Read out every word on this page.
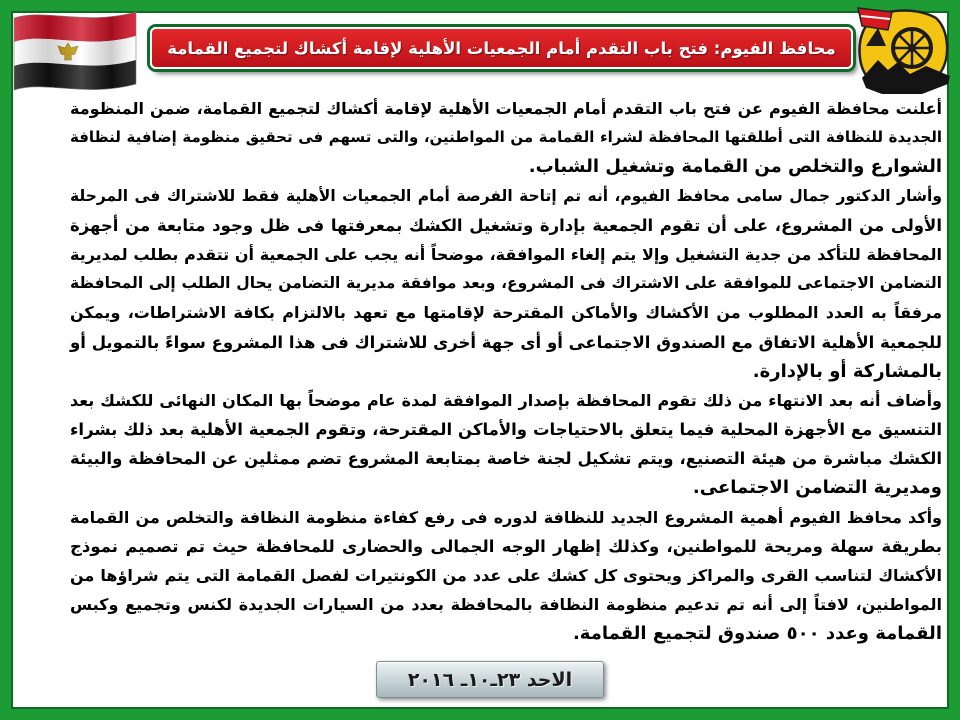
محافظ الفيوم: فتح باب التقدم أمام الجمعيات الأهلية لإقامة أكشاك لتجميع القمامة
أعلنت محافظة الفيوم عن فتح باب التقدم أمام الجمعيات الأهلية لإقامة أكشاك لتجميع القمامة، ضمن المنظومة
الجديدة للنظافة التى أطلقتها المحافظة لشراء القمامة من المواطنين، والتى تسهم فى تحقيق منظومة إضافية لنظافة
الشوارع والتخلص من القمامة وتشغيل الشباب.
وأشار الدكتور جمال سامى محافظ الفيوم، أنه تم إتاحة الفرصة أمام الجمعيات الأهلية فقط للاشتراك فى المرحلة
الأولى من المشروع، على أن تقوم الجمعية بإدارة وتشغيل الكشك بمعرفتها فى ظل وجود متابعة من أجهزة
المحافظة للتأكد من جدية التشغيل وإلا يتم إلغاء الموافقة، موضحاً أنه يجب على الجمعية أن تتقدم بطلب لمديرية
التضامن الاجتماعى للموافقة على الاشتراك فى المشروع، وبعد موافقة مديرية التضامن يحال الطلب إلى المحافظة
مرفقاً به العدد المطلوب من الأكشاك والأماكن المقترحة لإقامتها مع تعهد بالالتزام بكافة الاشتراطات، ويمكن
للجمعية الأهلية الاتفاق مع الصندوق الاجتماعى أو أى جهة أخرى للاشتراك فى هذا المشروع سواءً بالتمويل أو
بالمشاركة أو بالإدارة.
وأضاف أنه بعد الانتهاء من ذلك تقوم المحافظة بإصدار الموافقة لمدة عام موضحاً بها المكان النهائى للكشك بعد
التنسيق مع الأجهزة المحلية فيما يتعلق بالاحتياجات والأماكن المقترحة، وتقوم الجمعية الأهلية بعد ذلك بشراء
الكشك مباشرة من هيئة التصنيع، ويتم تشكيل لجنة خاصة بمتابعة المشروع تضم ممثلين عن المحافظة والبيئة
ومديرية التضامن الاجتماعى.
وأكد محافظ الفيوم أهمية المشروع الجديد للنظافة لدوره فى رفع كفاءة منظومة النظافة والتخلص من القمامة
بطريقة سهلة ومريحة للمواطنين، وكذلك إظهار الوجه الجمالى والحضارى للمحافظة حيث تم تصميم نموذج
الأكشاك لتناسب القرى والمراكز ويحتوى كل كشك على عدد من الكونتيرات لفصل القمامة التى يتم شراؤها من
المواطنين، لافتاً إلى أنه تم تدعيم منظومة النظافة بالمحافظة بعدد من السيارات الجديدة لكنس وتجميع وكبس
القمامة وعدد ٥٠٠ صندوق لتجميع القمامة.
الاحد ٢٣ـ١٠ـ ٢٠١٦
